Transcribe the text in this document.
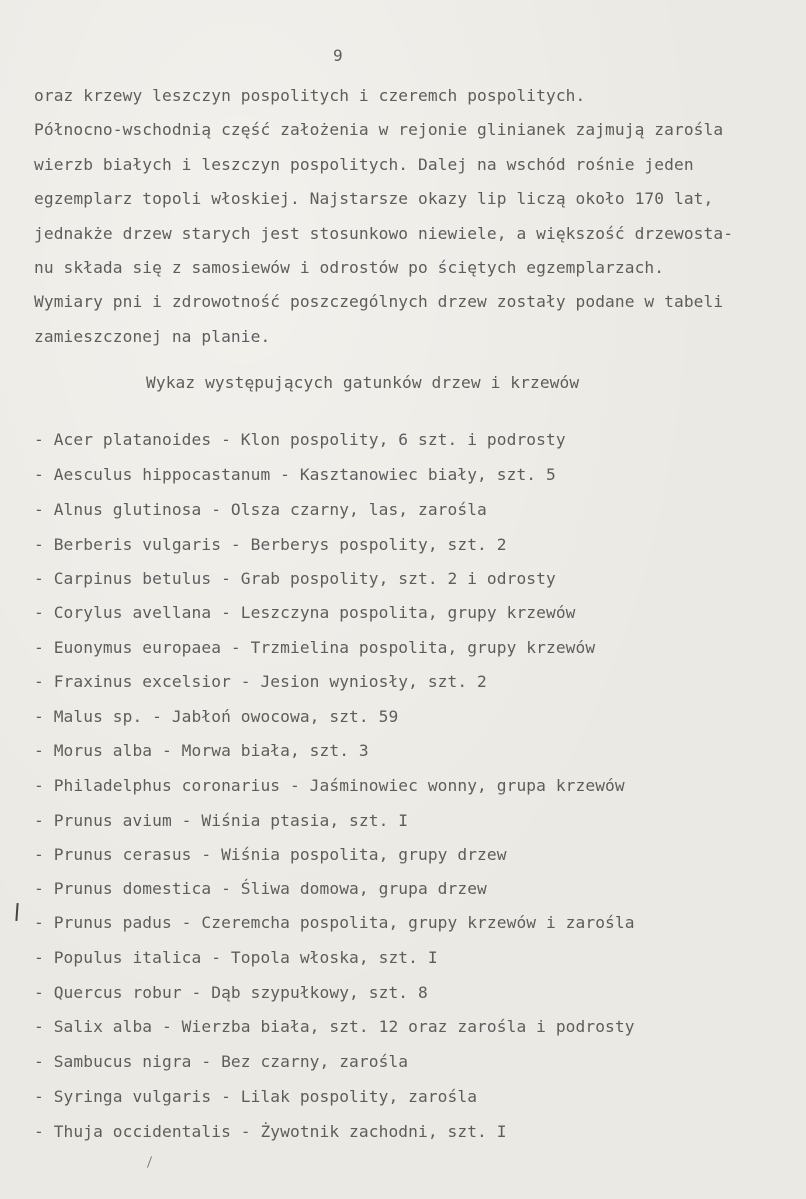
9
oraz krzewy leszczyn pospolitych i czeremch pospolitych.
Północno-wschodnią część założenia w rejonie glinianek zajmują zarośla
wierzb białych i leszczyn pospolitych. Dalej na wschód rośnie jeden
egzemplarz topoli włoskiej. Najstarsze okazy lip liczą około 170 lat,
jednakże drzew starych jest stosunkowo niewiele, a większość drzewosta-
nu składa się z samosiewów i odrostów po ściętych egzemplarzach.
Wymiary pni i zdrowotność poszczególnych drzew zostały podane w tabeli
zamieszczonej na planie.
Wykaz występujących gatunków drzew i krzewów
- Acer platanoides - Klon pospolity, 6 szt. i podrosty
- Aesculus hippocastanum - Kasztanowiec biały, szt. 5
- Alnus glutinosa - Olsza czarny, las, zarośla
- Berberis vulgaris - Berberys pospolity, szt. 2
- Carpinus betulus - Grab pospolity, szt. 2 i odrosty
- Corylus avellana - Leszczyna pospolita, grupy krzewów
- Euonymus europaea - Trzmielina pospolita, grupy krzewów
- Fraxinus excelsior - Jesion wyniosły, szt. 2
- Malus sp. - Jabłoń owocowa, szt. 59
- Morus alba - Morwa biała, szt. 3
- Philadelphus coronarius - Jaśminowiec wonny, grupa krzewów
- Prunus avium - Wiśnia ptasia, szt. I
- Prunus cerasus - Wiśnia pospolita, grupy drzew
- Prunus domestica - Śliwa domowa, grupa drzew
- Prunus padus - Czeremcha pospolita, grupy krzewów i zarośla
- Populus italica - Topola włoska, szt. I
- Quercus robur - Dąb szypułkowy, szt. 8
- Salix alba - Wierzba biała, szt. 12 oraz zarośla i podrosty
- Sambucus nigra - Bez czarny, zarośla
- Syringa vulgaris - Lilak pospolity, zarośla
- Thuja occidentalis - Żywotnik zachodni, szt. I
